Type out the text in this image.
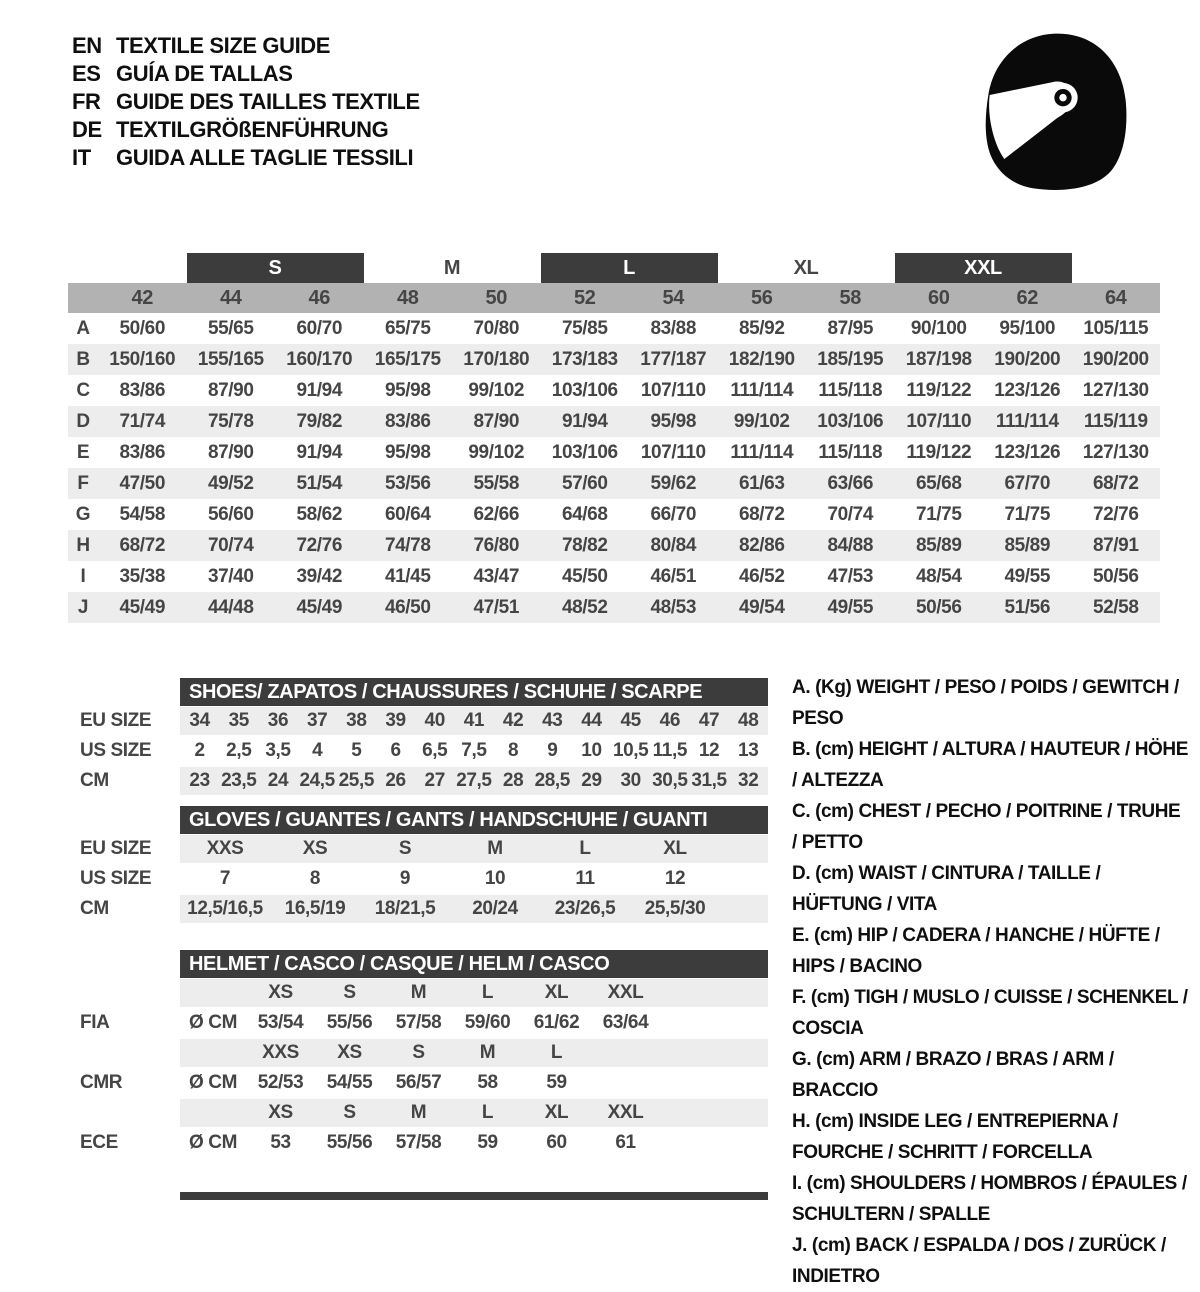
EN TEXTILE SIZE GUIDE
ES GUÍA DE TALLAS
FR GUIDE DES TAILLES TEXTILE
DE TEXTILGRÖßENFÜHRUNG
IT	GUIDA ALLE TAGLIE TESSILI
S	M	L	XL	XXL
42	44	46	48	50	52	54	56	58	60	62	64
A	50/60	55/65	60/70	65/75	70/80	75/85	83/88	85/92	87/95	90/100	95/100	105/115
B	150/160	155/165	160/170	165/175	170/180	173/183	177/187	182/190	185/195	187/198	190/200	190/200
C	83/86	87/90	91/94	95/98	99/102	103/106	107/110	111/114	115/118	119/122	123/126	127/130
D	71/74	75/78	79/82	83/86	87/90	91/94	95/98	99/102	103/106	107/110	111/114	115/119
E	83/86	87/90	91/94	95/98	99/102	103/106	107/110	111/114	115/118	119/122	123/126	127/130
F	47/50	49/52	51/54	53/56	55/58	57/60	59/62	61/63	63/66	65/68	67/70	68/72
G	54/58	56/60	58/62	60/64	62/66	64/68	66/70	68/72	70/74	71/75	71/75	72/76
H	68/72	70/74	72/76	74/78	76/80	78/82	80/84	82/86	84/88	85/89	85/89	87/91
I	35/38	37/40	39/42	41/45	43/47	45/50	46/51	46/52	47/53	48/54	49/55	50/56
J	45/49	44/48	45/49	46/50	47/51	48/52	48/53	49/54	49/55	50/56	51/56	52/58
SHOES/ ZAPATOS / CHAUSSURES / SCHUHE / SCARPE
EU SIZE	34 35 36 37 38 39 40 41 42 43 44 45 46 47 48
US SIZE	2	2,5 3,5	4	5	6	6,5 7,5	8	9	10 10,5 11,5 12 13
CM	23 23,5 24 24,5 25,5 26 27 27,5 28 28,5 29 30 30,5 31,5 32
GLOVES / GUANTES / GANTS / HANDSCHUHE / GUANTI
EU SIZE	XXS	XS	S	M	L	XL
US SIZE	7	8	9	10	11	12
CM	12,5/16,5	16,5/19	18/21,5	20/24	23/26,5	25,5/30
HELMET / CASCO / CASQUE / HELM / CASCO
XS	S	M	L	XL	XXL
FIA	Ø CM	53/54	55/56	57/58	59/60	61/62	63/64
XXS	XS	S	M	L
CMR	Ø CM	52/53	54/55	56/57	58	59
XS	S	M	L	XL	XXL
ECE	Ø CM	53	55/56	57/58	59	60	61
A. (Kg) WEIGHT / PESO / POIDS / GEWITCH / PESO
B. (cm) HEIGHT / ALTURA / HAUTEUR / HÖHE / ALTEZZA
C. (cm) CHEST / PECHO / POITRINE / TRUHE / PETTO
D. (cm) WAIST / CINTURA / TAILLE / HÜFTUNG / VITA
E. (cm) HIP / CADERA / HANCHE / HÜFTE / HIPS / BACINO
F. (cm) TIGH / MUSLO / CUISSE / SCHENKEL / COSCIA
G. (cm) ARM / BRAZO / BRAS / ARM / BRACCIO
H. (cm) INSIDE LEG / ENTREPIERNA / FOURCHE / SCHRITT / FORCELLA
I. (cm) SHOULDERS / HOMBROS / ÉPAULES / SCHULTERN / SPALLE
J. (cm) BACK / ESPALDA / DOS / ZURÜCK / INDIETRO
